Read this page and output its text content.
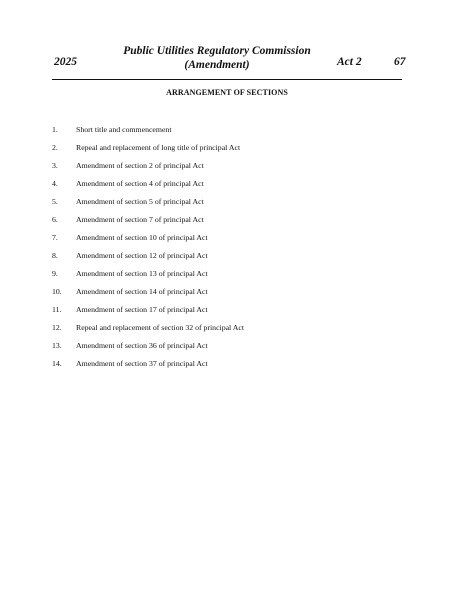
2025
Public Utilities Regulatory Commission
(Amendment)	Act 2	67
ARRANGEMENT OF SECTIONS
1.	Short title and commencement
2.	Repeal and replacement of long title of principal Act
3.	Amendment of section 2 of principal Act
4.	Amendment of section 4 of principal Act
5.	Amendment of section 5 of principal Act
6.	Amendment of section 7 of principal Act
7.	Amendment of section 10 of principal Act
8.	Amendment of section 12 of principal Act
9.	Amendment of section 13 of principal Act
10.	Amendment of section 14 of principal Act
11.	Amendment of section 17 of principal Act
12.	Repeal and replacement of section 32 of principal Act
13.	Amendment of section 36 of principal Act
14.	Amendment of section 37 of principal Act
